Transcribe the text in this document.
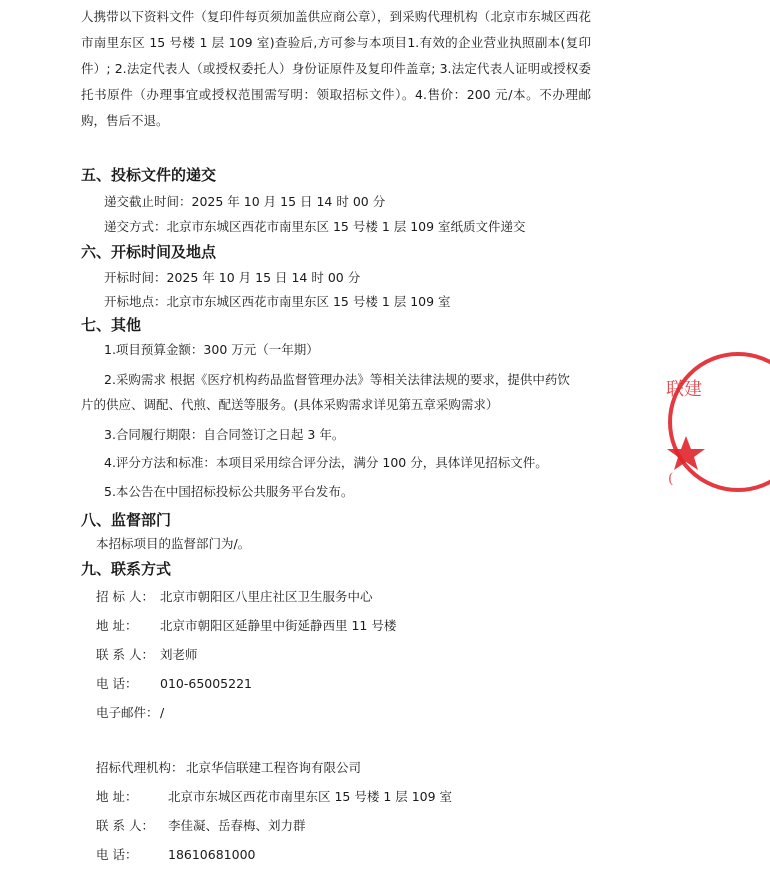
人携带以下资料文件（复印件每页须加盖供应商公章），到采购代理机构（北京市东城区西花市南里东区 15 号楼 1 层 109 室)查验后,方可参与本项目1.有效的企业营业执照副本(复印件）; 2.法定代表人（或授权委托人）身份证原件及复印件盖章; 3.法定代表人证明或授权委托书原件（办理事宜或授权范围需写明：领取招标文件）。4.售价：200 元/本。不办理邮购，售后不退。
五、投标文件的递交
递交截止时间：2025 年 10 月 15 日 14 时 00 分
递交方式：北京市东城区西花市南里东区 15 号楼 1 层 109 室纸质文件递交
六、开标时间及地点
开标时间：2025 年 10 月 15 日 14 时 00 分
开标地点：北京市东城区西花市南里东区 15 号楼 1 层 109 室
七、其他
1.项目预算金额：300 万元（一年期）
2.采购需求 根据《医疗机构药品监督管理办法》等相关法律法规的要求，提供中药饮
片的供应、调配、代煎、配送等服务。(具体采购需求详见第五章采购需求）
3.合同履行期限：自合同签订之日起 3 年。
4.评分方法和标准：本项目采用综合评分法，满分 100 分，具体详见招标文件。
5.本公告在中国招标投标公共服务平台发布。
八、监督部门
本招标项目的监督部门为/。
九、联系方式
招 标 人： 北京市朝阳区八里庄社区卫生服务中心
地 址： 北京市朝阳区延静里中街延静西里 11 号楼
联 系 人： 刘老师
电 话： 010-65005221
电子邮件： /
招标代理机构： 北京华信联建工程咨询有限公司
地 址： 北京市东城区西花市南里东区 15 号楼 1 层 109 室
联 系 人： 李佳凝、岳春梅、刘力群
电 话： 18610681000
联建
(
